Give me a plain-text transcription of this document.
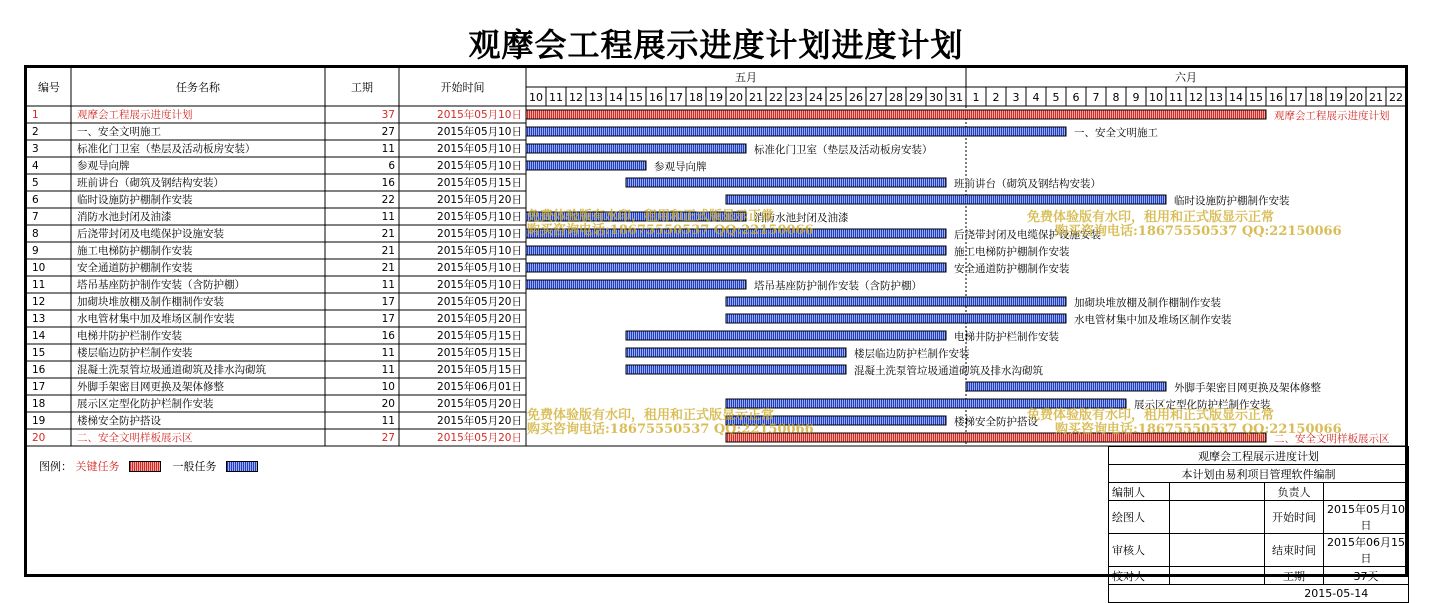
观摩会工程展示进度计划进度计划
编号	任务名称	工期	开始时间
五月	六月
10 11 12 13 14 15 16 17 18 19 20 21 22 23 24 25 26 27 28 29 30 31 1 2 3 4 5 6 7 8 9 10 11 12 13 14 15 16 17 18 19 20 21 22
1	观摩会工程展示进度计划	37	2015年05月10日	观摩会工程展示进度计划
2	一、安全文明施工	27	2015年05月10日	一、安全文明施工
3	标准化门卫室（垫层及活动板房安装）	11	2015年05月10日	标准化门卫室（垫层及活动板房安装）
4	参观导向牌	6	2015年05月10日	参观导向牌
5	班前讲台（砌筑及钢结构安装）	16	2015年05月15日	班前讲台（砌筑及钢结构安装）
6	临时设施防护棚制作安装	22	2015年05月20日	临时设施防护棚制作安装
7	消防水池封闭及油漆	11	2015年05月10日	消防水池封闭及油漆
8	后浇带封闭及电缆保护设施安装	21	2015年05月10日	后浇带封闭及电缆保护设施安装
9	施工电梯防护棚制作安装	21	2015年05月10日	施工电梯防护棚制作安装
10	安全通道防护棚制作安装	21	2015年05月10日	安全通道防护棚制作安装
11	塔吊基座防护制作安装（含防护棚）	11	2015年05月10日	塔吊基座防护制作安装（含防护棚）
12	加砌块堆放棚及制作棚制作安装	17	2015年05月20日	加砌块堆放棚及制作棚制作安装
13	水电管材集中加及堆场区制作安装	17	2015年05月20日	水电管材集中加及堆场区制作安装
14	电梯井防护栏制作安装	16	2015年05月15日	电梯井防护栏制作安装
15	楼层临边防护栏制作安装	11	2015年05月15日	楼层临边防护栏制作安装
16	混凝土洗泵管垃圾通道砌筑及排水沟砌筑	11	2015年05月15日	混凝土洗泵管垃圾通道砌筑及排水沟砌筑
17	外脚手架密目网更换及架体修整	10	2015年06月01日	外脚手架密目网更换及架体修整
18	展示区定型化防护栏制作安装	20	2015年05月20日	展示区定型化防护栏制作安装
19	楼梯安全防护搭设	11	2015年05月20日	楼梯安全防护搭设
20	二、安全文明样板展示区	27	2015年05月20日	二、安全文明样板展示区
图例： 关键任务	一般任务
免费体验版有水印，租用和正式版显示正常
购买咨询电话:18675550537 QQ:22150066
免费体验版有水印，租用和正式版显示正常
购买咨询电话:18675550537 QQ:22150066
免费体验版有水印，租用和正式版显示正常
购买咨询电话:18675550537 QQ:22150066
免费体验版有水印，租用和正式版显示正常
购买咨询电话:18675550537 QQ:22150066
观摩会工程展示进度计划			
本计划由易利项目管理软件编制			
编制人		负责人	
绘图人		开始时间	2015年05月10日
审核人		结束时间	2015年06月15日
校对人		工期	37天
		2015-05-14	
